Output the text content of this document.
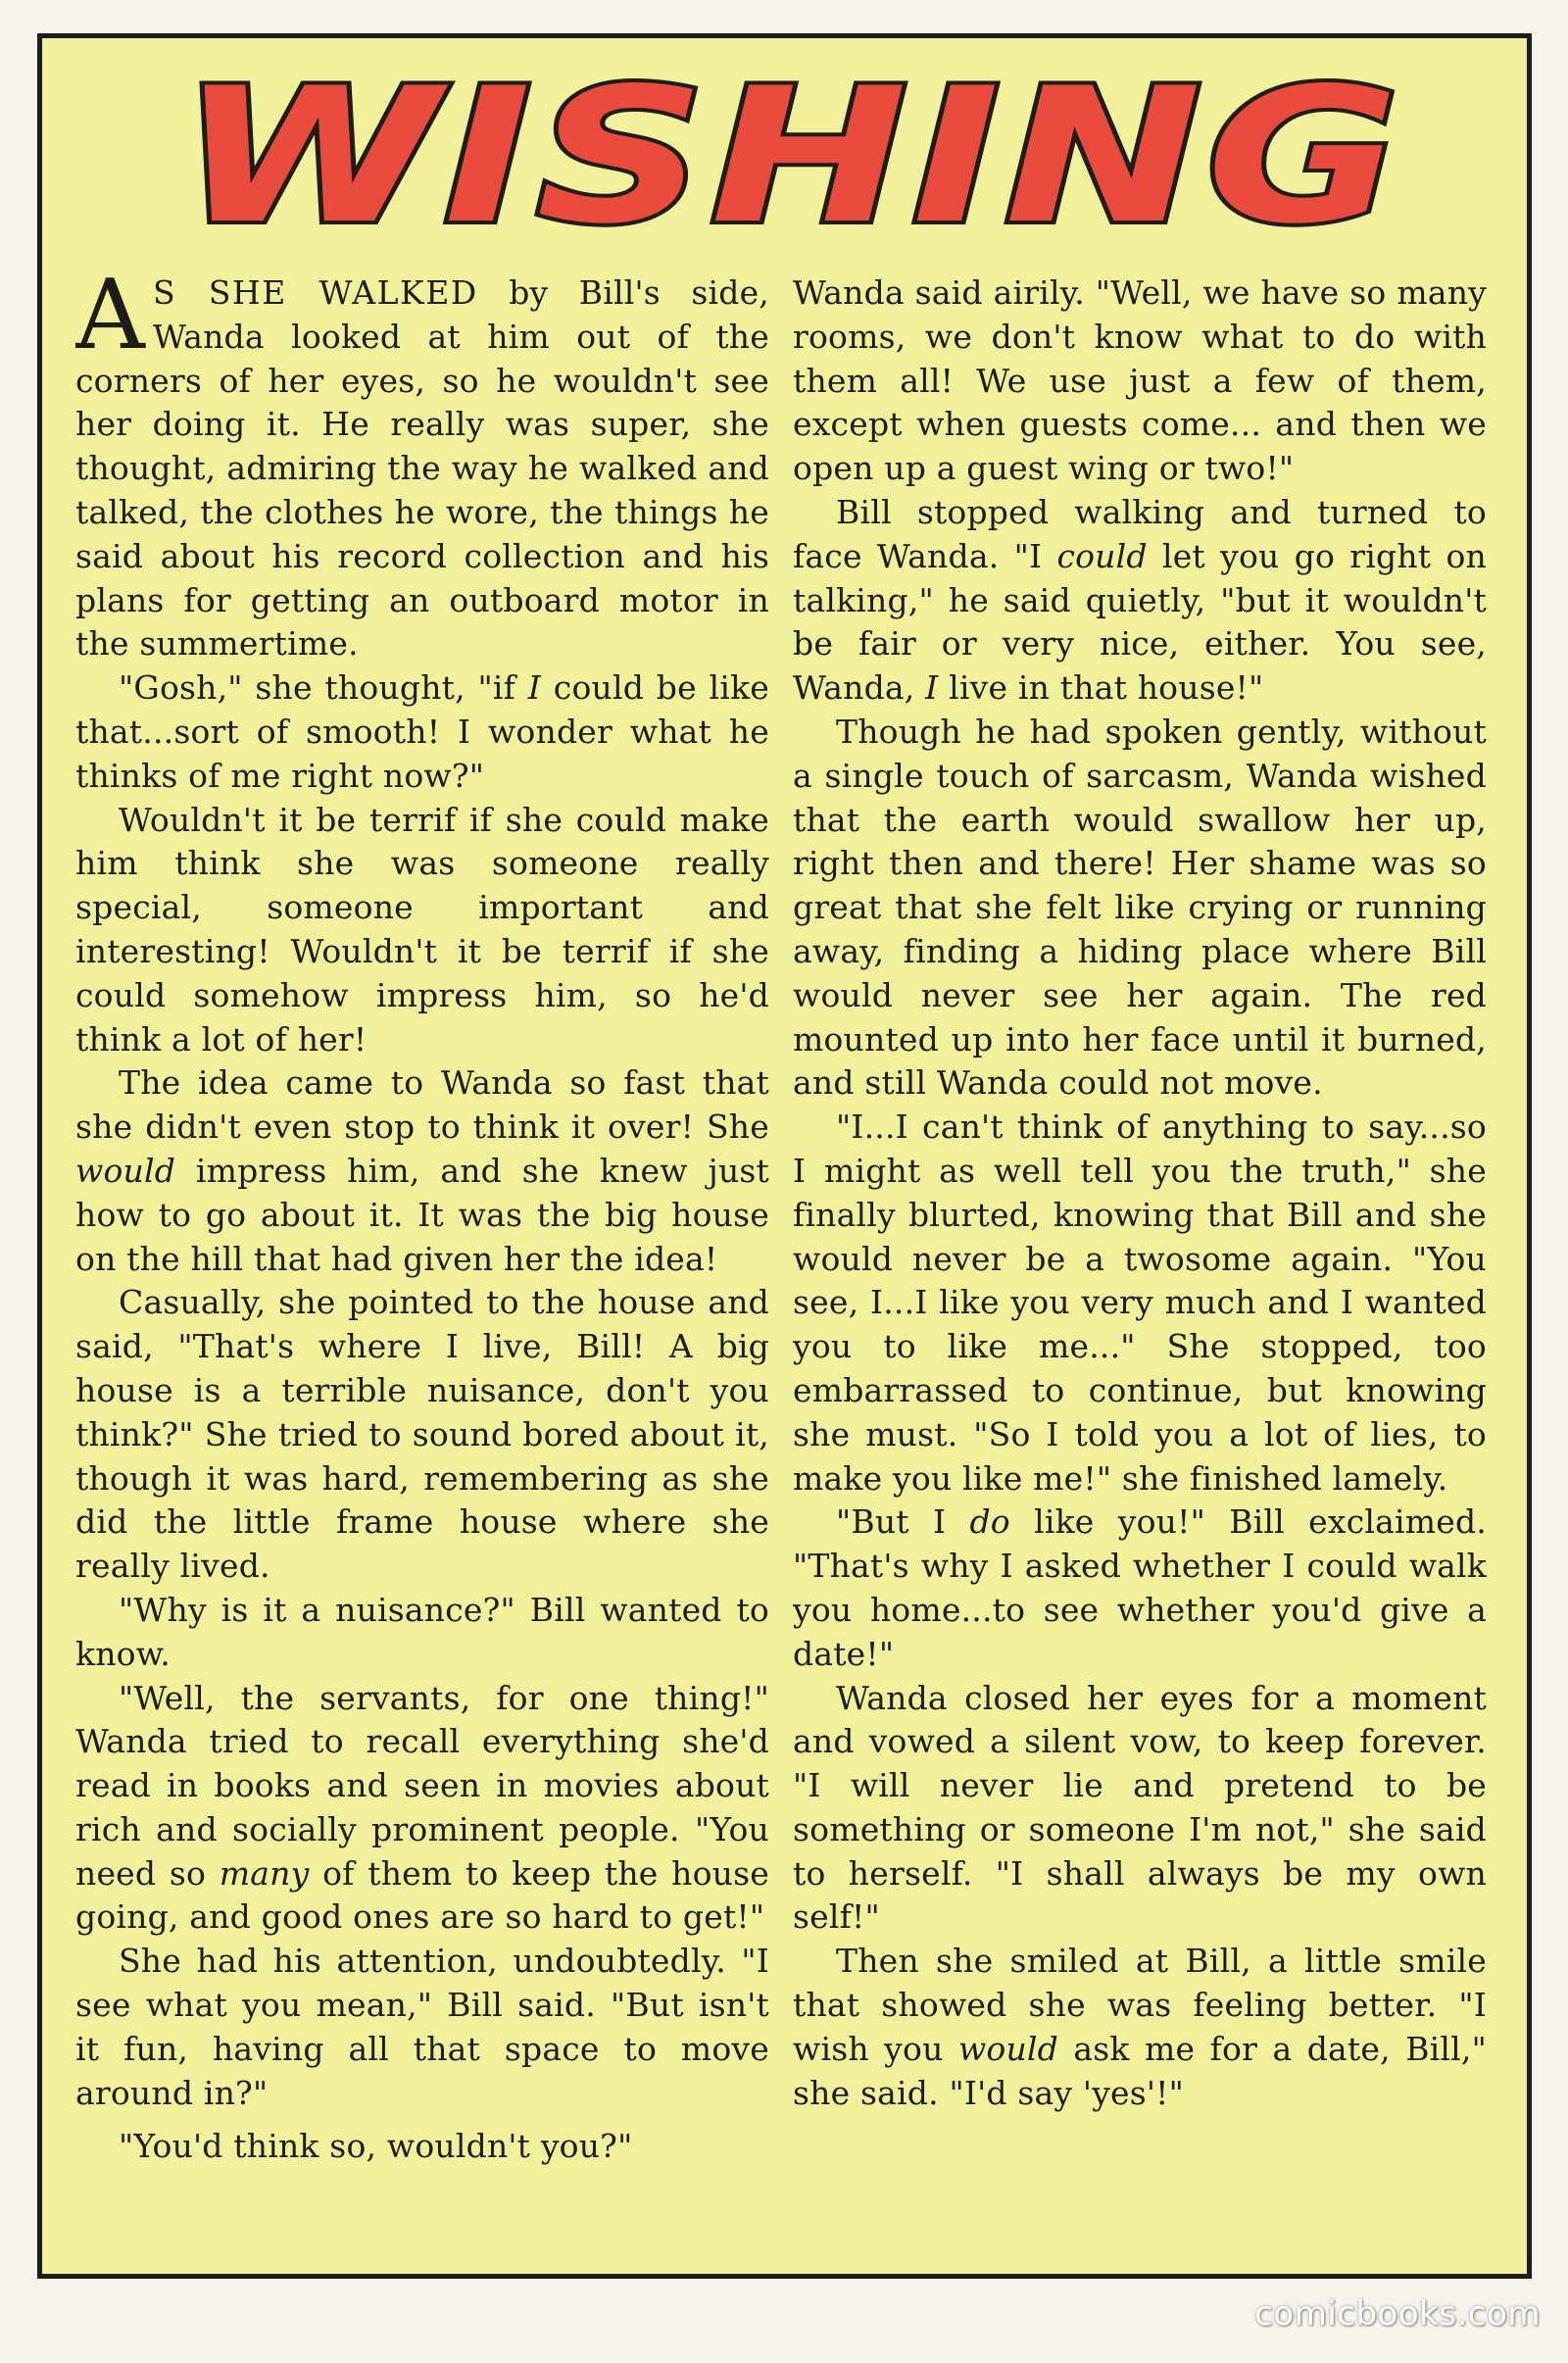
WISHING

A S SHE WALKED by Bill's side, Wanda looked at him out of the corners of her eyes, so he wouldn't see her doing it. He really was super, she thought, admiring the way he walked and talked, the clothes he wore, the things he said about his record collection and his plans for getting an outboard motor in the summertime.

"Gosh," she thought, "if I could be like that...sort of smooth! I wonder what he thinks of me right now?"

Wouldn't it be terrif if she could make him think she was someone really special, someone important and interesting! Wouldn't it be terrif if she could somehow impress him, so he'd think a lot of her!

The idea came to Wanda so fast that she didn't even stop to think it over! She would impress him, and she knew just how to go about it. It was the big house on the hill that had given her the idea!

Casually, she pointed to the house and said, "That's where I live, Bill! A big house is a terrible nuisance, don't you think?" She tried to sound bored about it, though it was hard, remembering as she did the little frame house where she really lived.

"Why is it a nuisance?" Bill wanted to know.

"Well, the servants, for one thing!" Wanda tried to recall everything she'd read in books and seen in movies about rich and socially prominent people. "You need so many of them to keep the house going, and good ones are so hard to get!"

She had his attention, undoubtedly. "I see what you mean," Bill said. "But isn't it fun, having all that space to move around in?"

"You'd think so, wouldn't you?"

Wanda said airily. "Well, we have so many rooms, we don't know what to do with them all! We use just a few of them, except when guests come... and then we open up a guest wing or two!"

Bill stopped walking and turned to face Wanda. "I could let you go right on talking," he said quietly, "but it wouldn't be fair or very nice, either. You see, Wanda, I live in that house!"

Though he had spoken gently, without a single touch of sarcasm, Wanda wished that the earth would swallow her up, right then and there! Her shame was so great that she felt like crying or running away, finding a hiding place where Bill would never see her again. The red mounted up into her face until it burned, and still Wanda could not move.

"I...I can't think of anything to say...so I might as well tell you the truth," she finally blurted, knowing that Bill and she would never be a twosome again. "You see, I...I like you very much and I wanted you to like me..." She stopped, too embarrassed to continue, but knowing she must. "So I told you a lot of lies, to make you like me!" she finished lamely.

"But I do like you!" Bill exclaimed. "That's why I asked whether I could walk you home...to see whether you'd give a date!"

Wanda closed her eyes for a moment and vowed a silent vow, to keep forever. "I will never lie and pretend to be something or someone I'm not," she said to herself. "I shall always be my own self!"

Then she smiled at Bill, a little smile that showed she was feeling better. "I wish you would ask me for a date, Bill," she said. "I'd say 'yes'!"

comicbooks.com
